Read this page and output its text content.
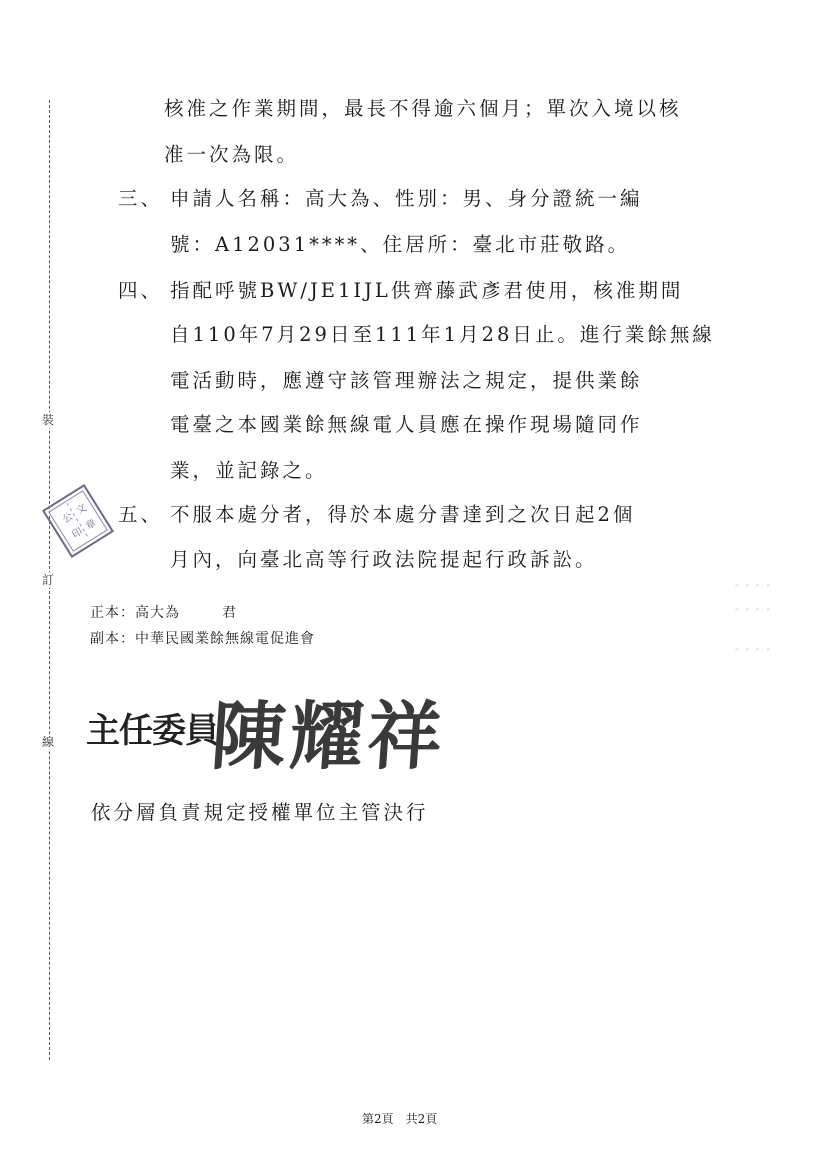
裝
訂
線
公
文
印
章
核准之作業期間，最長不得逾六個月；單次入境以核
准一次為限。
三、 申請人名稱：高大為、性別：男、身分證統一編
號：A12031****、住居所：臺北市莊敬路。
四、 指配呼號BW/JE1IJL供齊藤武彥君使用，核准期間
自110年7月29日至111年1月28日止。進行業餘無線
電活動時，應遵守該管理辦法之規定，提供業餘
電臺之本國業餘無線電人員應在操作現場隨同作
業，並記錄之。
五、 不服本處分者，得於本處分書達到之次日起2個
月內，向臺北高等行政法院提起行政訴訟。
正本：高大為	君
副本：中華民國業餘無線電促進會
主任委員
陳耀祥
依分層負責規定授權單位主管決行
- - - -
- - - -
- - - -
第2頁 共2頁
